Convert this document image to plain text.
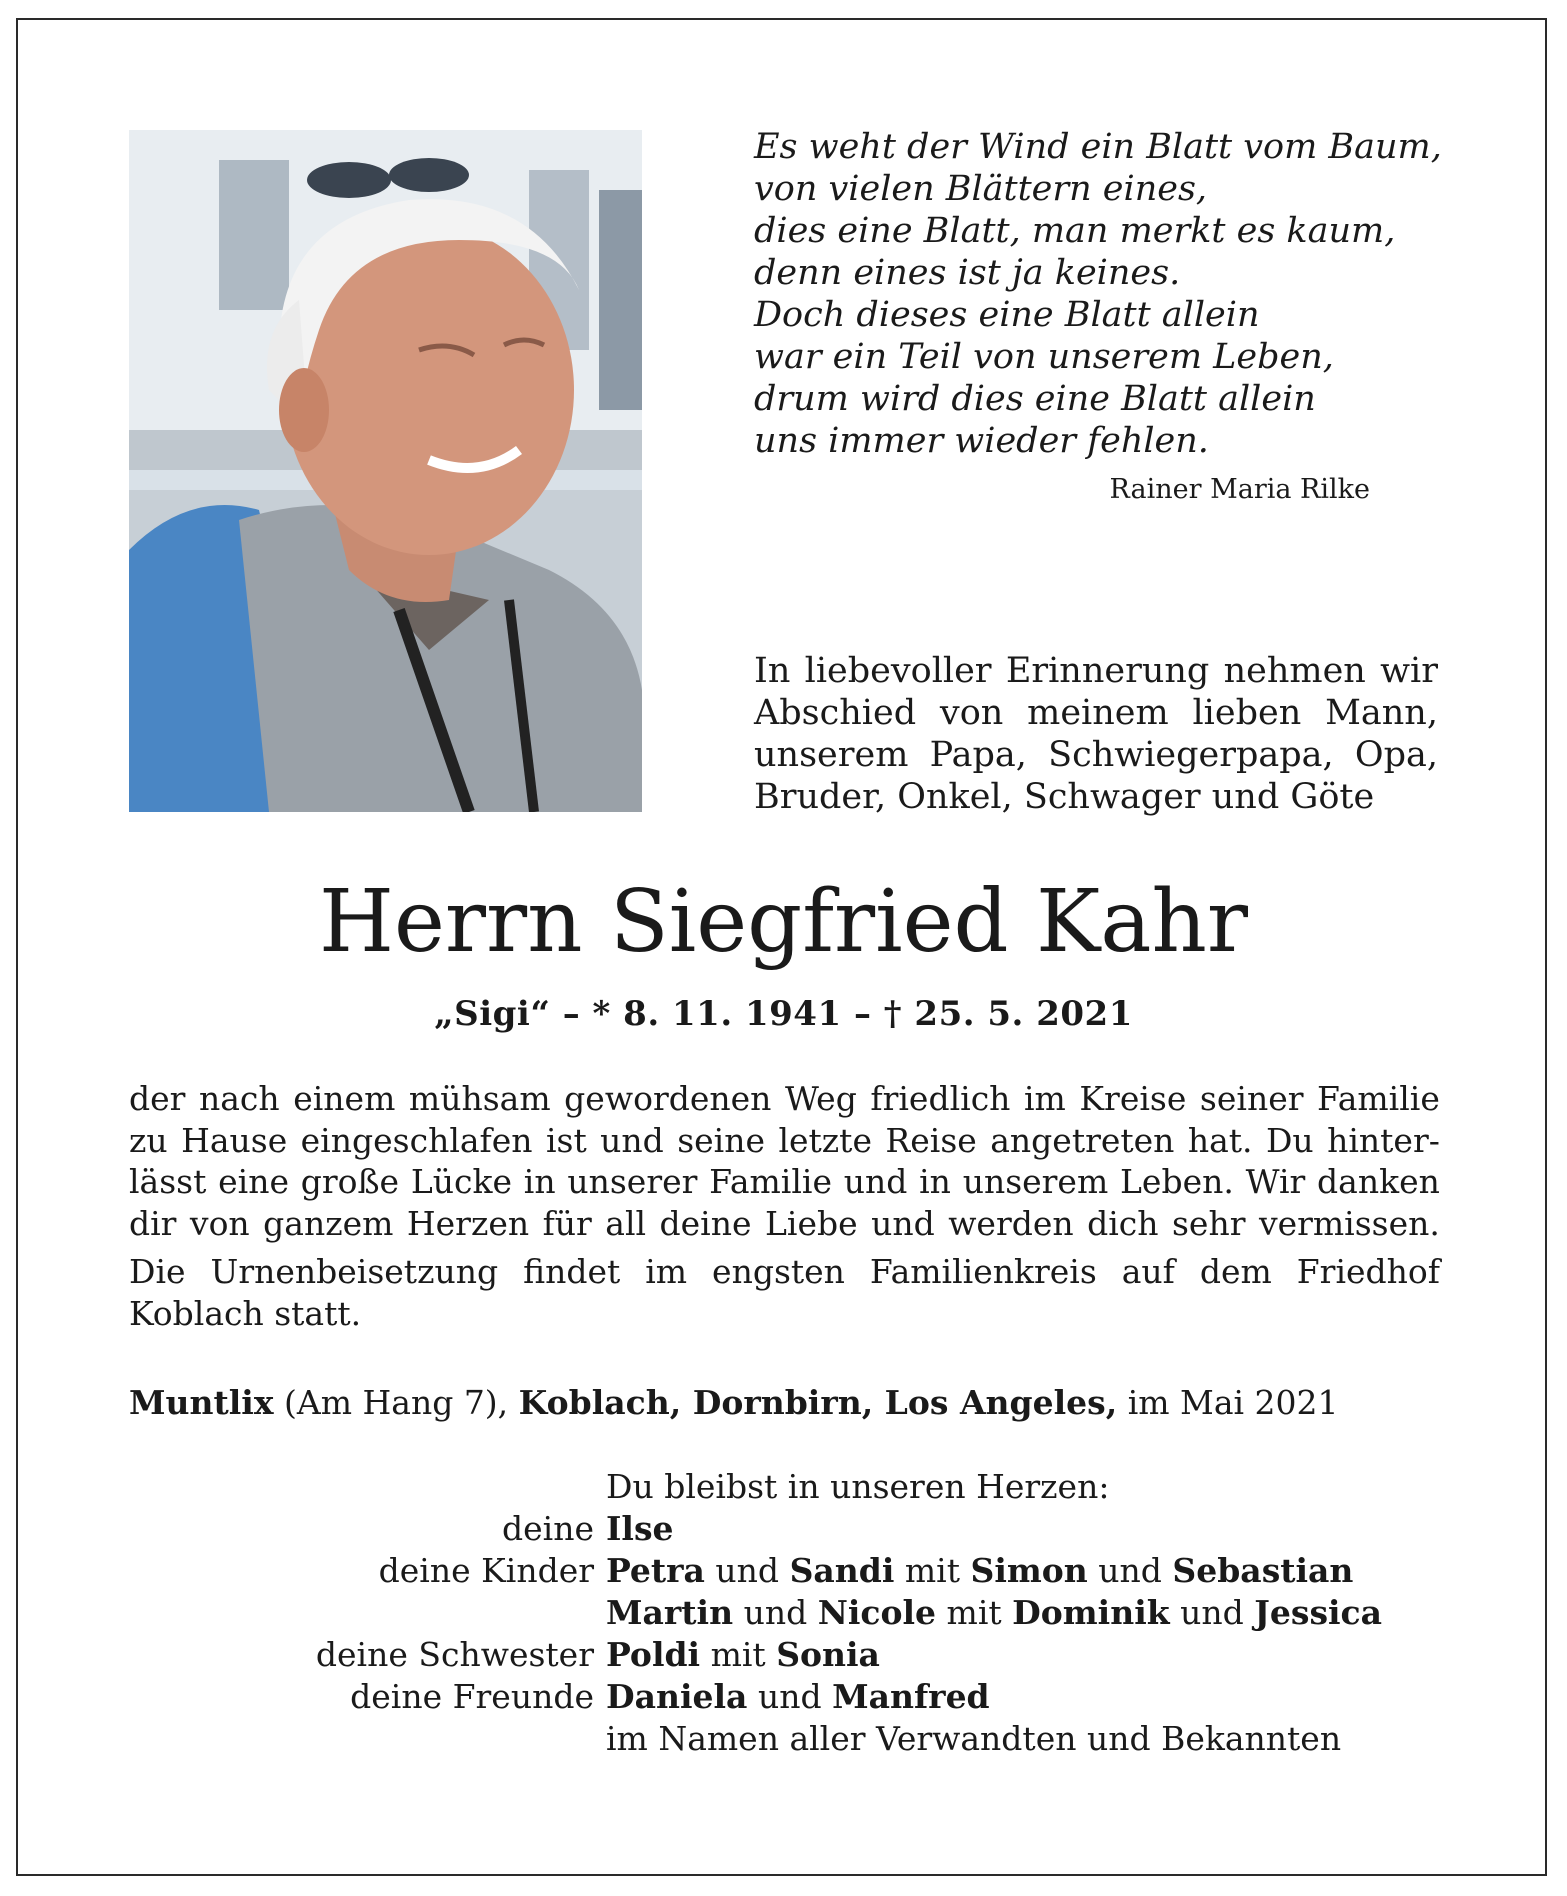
Es weht der Wind ein Blatt vom Baum,
von vielen Blättern eines,
dies eine Blatt, man merkt es kaum,
denn eines ist ja keines.
Doch dieses eine Blatt allein
war ein Teil von unserem Leben,
drum wird dies eine Blatt allein
uns immer wieder fehlen.
Rainer Maria Rilke
In liebevoller Erinnerung nehmen wir
Abschied von meinem lieben Mann,
unserem Papa, Schwiegerpapa, Opa,
Bruder, Onkel, Schwager und Göte
Herrn Siegfried Kahr
„Sigi“ – * 8. 11. 1941 – † 25. 5. 2021
der nach einem mühsam gewordenen Weg friedlich im Kreise seiner Familie
zu Hause eingeschlafen ist und seine letzte Reise angetreten hat. Du hinter-
lässt eine große Lücke in unserer Familie und in unserem Leben. Wir danken
dir von ganzem Herzen für all deine Liebe und werden dich sehr vermissen.
Die Urnenbeisetzung findet im engsten Familienkreis auf dem Friedhof
Koblach statt.
Muntlix (Am Hang 7), Koblach, Dornbirn, Los Angeles, im Mai 2021
Du bleibst in unseren Herzen:
deine Ilse
deine Kinder Petra und Sandi mit Simon und Sebastian
Martin und Nicole mit Dominik und Jessica
deine Schwester Poldi mit Sonia
deine Freunde Daniela und Manfred
im Namen aller Verwandten und Bekannten
